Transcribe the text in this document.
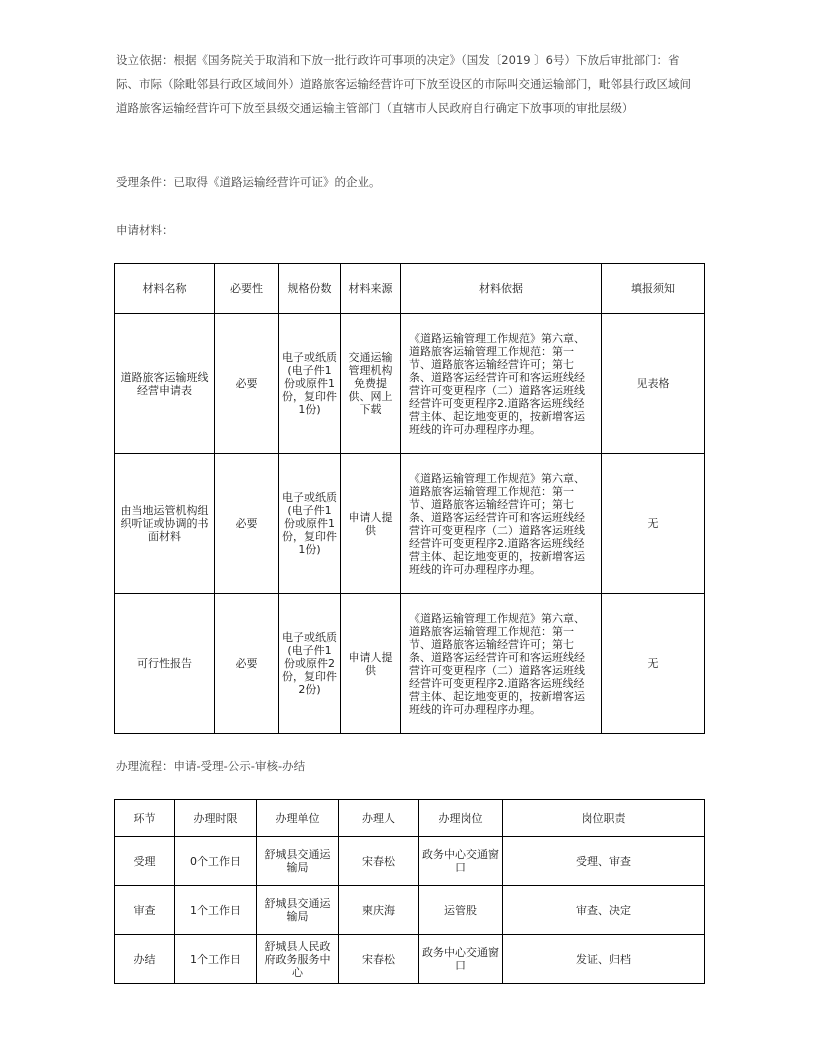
设立依据：根据《国务院关于取消和下放一批行政许可事项的决定》（国发〔2019 〕6号）下放后审批部门：省际、市际（除毗邻县行政区域间外）道路旅客运输经营许可下放至设区的市际叫交通运输部门，毗邻县行政区域间道路旅客运输经营许可下放至县级交通运输主管部门（直辖市人民政府自行确定下放事项的审批层级）

受理条件：已取得《道路运输经营许可证》的企业。

申请材料：

材料名称	必要性	规格份数	材料来源	材料依据	填报须知
道路旅客运输班线经营申请表	必要	电子或纸质(电子件1份或原件1份，复印件1份)	交通运输管理机构免费提供、网上下载	《道路运输管理工作规范》第六章、道路旅客运输管理工作规范：第一节、道路旅客运输经营许可；第七条、道路客运经营许可和客运班线经营许可变更程序（二）道路客运班线经营许可变更程序2.道路客运班线经营主体、起讫地变更的，按新增客运班线的许可办理程序办理。	见表格
由当地运管机构组织听证或协调的书面材料	必要	电子或纸质(电子件1份或原件1份，复印件1份)	申请人提供	《道路运输管理工作规范》第六章、道路旅客运输管理工作规范：第一节、道路旅客运输经营许可；第七条、道路客运经营许可和客运班线经营许可变更程序（二）道路客运班线经营许可变更程序2.道路客运班线经营主体、起讫地变更的，按新增客运班线的许可办理程序办理。	无
可行性报告	必要	电子或纸质(电子件1份或原件2份，复印件2份)	申请人提供	《道路运输管理工作规范》第六章、道路旅客运输管理工作规范：第一节、道路旅客运输经营许可；第七条、道路客运经营许可和客运班线经营许可变更程序（二）道路客运班线经营许可变更程序2.道路客运班线经营主体、起讫地变更的，按新增客运班线的许可办理程序办理。	无

办理流程：申请-受理-公示-审核-办结

环节	办理时限	办理单位	办理人	办理岗位	岗位职责
受理	0个工作日	舒城县交通运输局	宋春松	政务中心交通窗口	受理、审查
审查	1个工作日	舒城县交通运输局	柬庆海	运管股	审查、决定
办结	1个工作日	舒城县人民政府政务服务中心	宋春松	政务中心交通窗口	发证、归档
